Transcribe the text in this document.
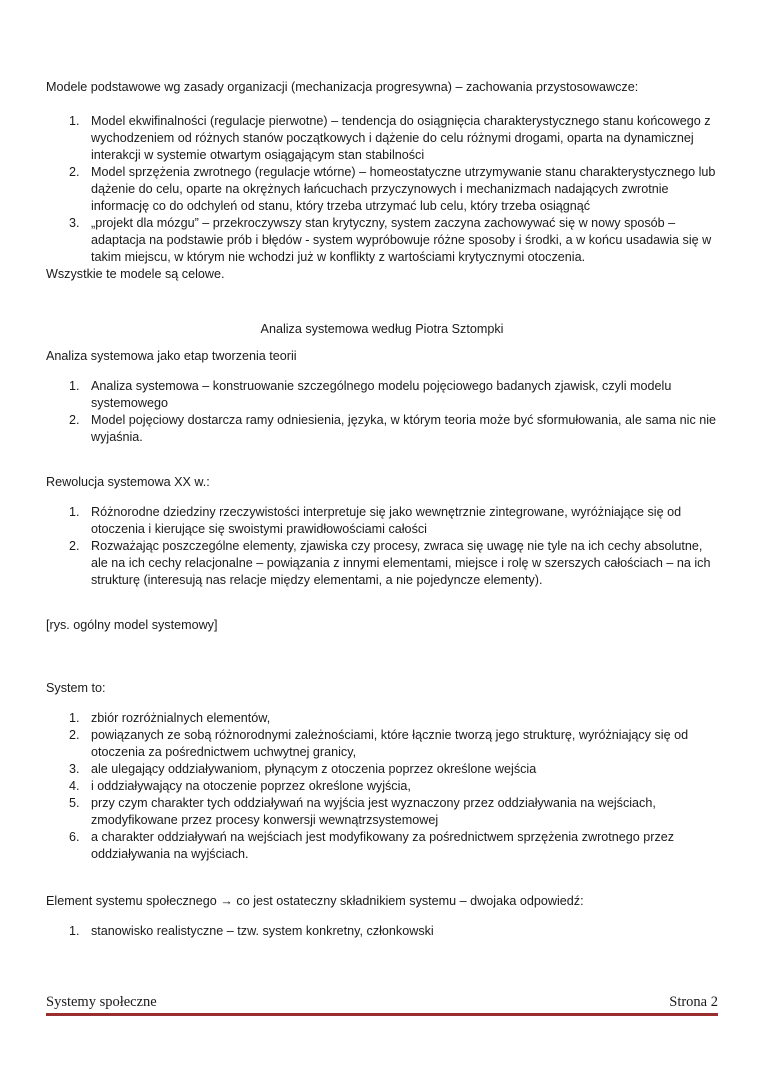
Modele podstawowe wg zasady organizacji (mechanizacja progresywna) – zachowania przystosowawcze:

1. Model ekwifinalności (regulacje pierwotne) – tendencja do osiągnięcia charakterystycznego stanu końcowego z wychodzeniem od różnych stanów początkowych i dążenie do celu różnymi drogami, oparta na dynamicznej interakcji w systemie otwartym osiągającym stan stabilności
2. Model sprzężenia zwrotnego (regulacje wtórne) – homeostatyczne utrzymywanie stanu charakterystycznego lub dążenie do celu, oparte na okrężnych łańcuchach przyczynowych i mechanizmach nadających zwrotnie informację co do odchyleń od stanu, który trzeba utrzymać lub celu, który trzeba osiągnąć
3. „projekt dla mózgu” – przekroczywszy stan krytyczny, system zaczyna zachowywać się w nowy sposób – adaptacja na podstawie prób i błędów - system wypróbowuje różne sposoby i środki, a w końcu usadawia się w takim miejscu, w którym nie wchodzi już w konflikty z wartościami krytycznymi otoczenia.

Wszystkie te modele są celowe.

Analiza systemowa według Piotra Sztompki

Analiza systemowa jako etap tworzenia teorii

1. Analiza systemowa – konstruowanie szczególnego modelu pojęciowego badanych zjawisk, czyli modelu systemowego
2. Model pojęciowy dostarcza ramy odniesienia, języka, w którym teoria może być sformułowania, ale sama nic nie wyjaśnia.

Rewolucja systemowa XX w.:

1. Różnorodne dziedziny rzeczywistości interpretuje się jako wewnętrznie zintegrowane, wyróżniające się od otoczenia i kierujące się swoistymi prawidłowościami całości
2. Rozważając poszczególne elementy, zjawiska czy procesy, zwraca się uwagę nie tyle na ich cechy absolutne, ale na ich cechy relacjonalne – powiązania z innymi elementami, miejsce i rolę w szerszych całościach – na ich strukturę (interesują nas relacje między elementami, a nie pojedyncze elementy).

[rys. ogólny model systemowy]

System to:

1. zbiór rozróżnialnych elementów,
2. powiązanych ze sobą różnorodnymi zależnościami, które łącznie tworzą jego strukturę, wyróżniający się od otoczenia za pośrednictwem uchwytnej granicy,
3. ale ulegający oddziaływaniom, płynącym z otoczenia poprzez określone wejścia
4. i oddziaływający na otoczenie poprzez określone wyjścia,
5. przy czym charakter tych oddziaływań na wyjścia jest wyznaczony przez oddziaływania na wejściach, zmodyfikowane przez procesy konwersji wewnątrzsystemowej
6. a charakter oddziaływań na wejściach jest modyfikowany za pośrednictwem sprzężenia zwrotnego przez oddziaływania na wyjściach.

Element systemu społecznego → co jest ostateczny składnikiem systemu – dwojaka odpowiedź:

1. stanowisko realistyczne – tzw. system konkretny, członkowski
Systemy społeczne	Strona 2
